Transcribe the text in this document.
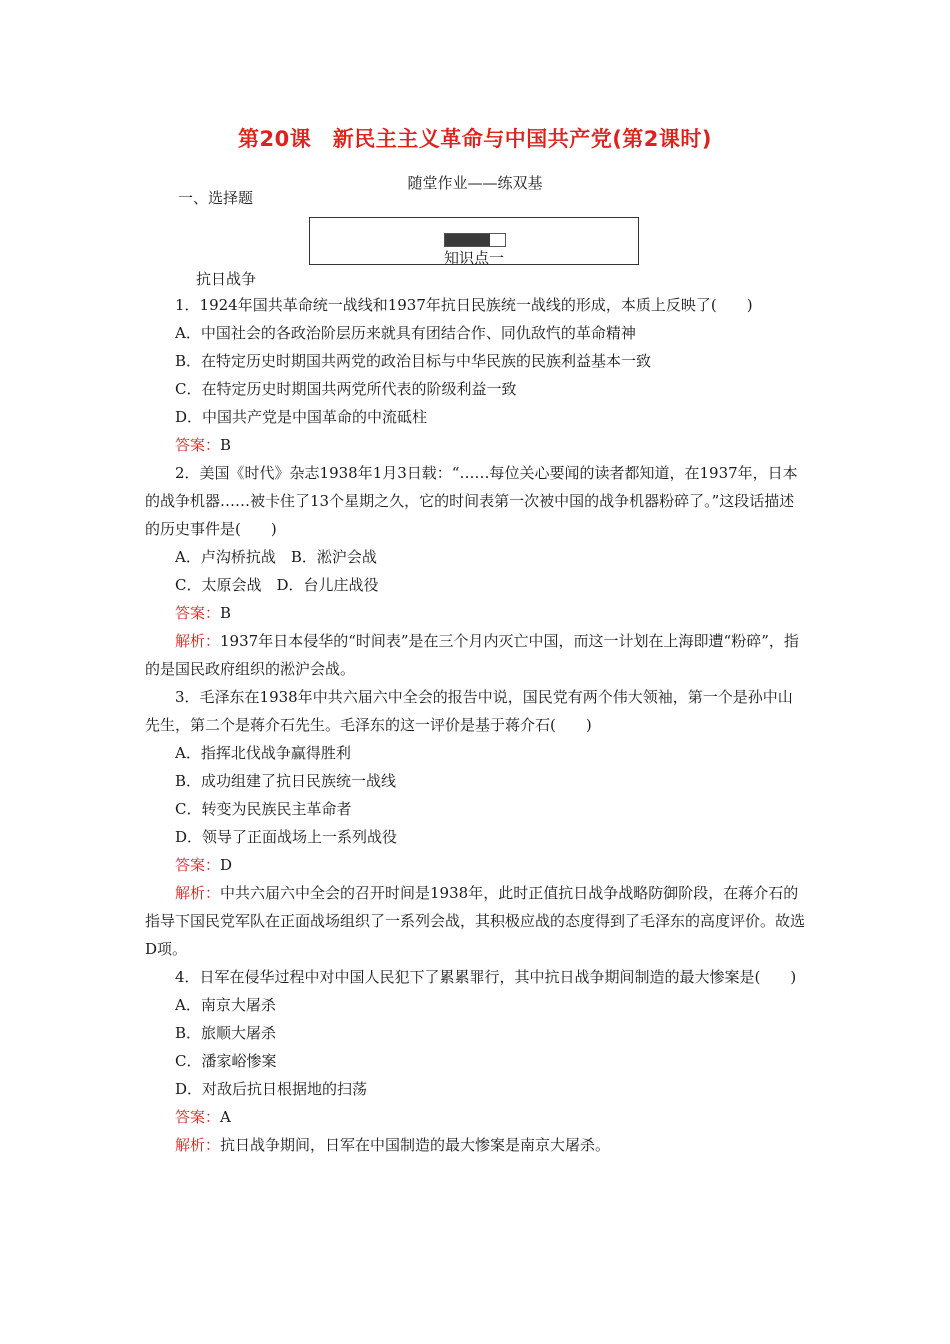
第20课　新民主主义革命与中国共产党(第2课时)
随堂作业——练双基
一、选择题
知识点一
抗日战争

1．1924年国共革命统一战线和1937年抗日民族统一战线的形成，本质上反映了(　　)

A．中国社会的各政治阶层历来就具有团结合作、同仇敌忾的革命精神

B．在特定历史时期国共两党的政治目标与中华民族的民族利益基本一致

C．在特定历史时期国共两党所代表的阶级利益一致

D．中国共产党是中国革命的中流砥柱

答案：B

2．美国《时代》杂志1938年1月3日载：“……每位关心要闻的读者都知道，在1937年，日本的战争机器……被卡住了13个星期之久，它的时间表第一次被中国的战争机器粉碎了。”这段话描述的历史事件是(　　)

A．卢沟桥抗战　B．淞沪会战

C．太原会战　D．台儿庄战役

答案：B

解析：1937年日本侵华的“时间表”是在三个月内灭亡中国，而这一计划在上海即遭“粉碎”，指的是国民政府组织的淞沪会战。

3．毛泽东在1938年中共六届六中全会的报告中说，国民党有两个伟大领袖，第一个是孙中山先生，第二个是蒋介石先生。毛泽东的这一评价是基于蒋介石(　　)

A．指挥北伐战争赢得胜利

B．成功组建了抗日民族统一战线

C．转变为民族民主革命者

D．领导了正面战场上一系列战役

答案：D

解析：中共六届六中全会的召开时间是1938年，此时正值抗日战争战略防御阶段，在蒋介石的指导下国民党军队在正面战场组织了一系列会战，其积极应战的态度得到了毛泽东的高度评价。故选D项。

4．日军在侵华过程中对中国人民犯下了累累罪行，其中抗日战争期间制造的最大惨案是(　　)

A．南京大屠杀

B．旅顺大屠杀

C．潘家峪惨案

D．对敌后抗日根据地的扫荡

答案：A

解析：抗日战争期间，日军在中国制造的最大惨案是南京大屠杀。
